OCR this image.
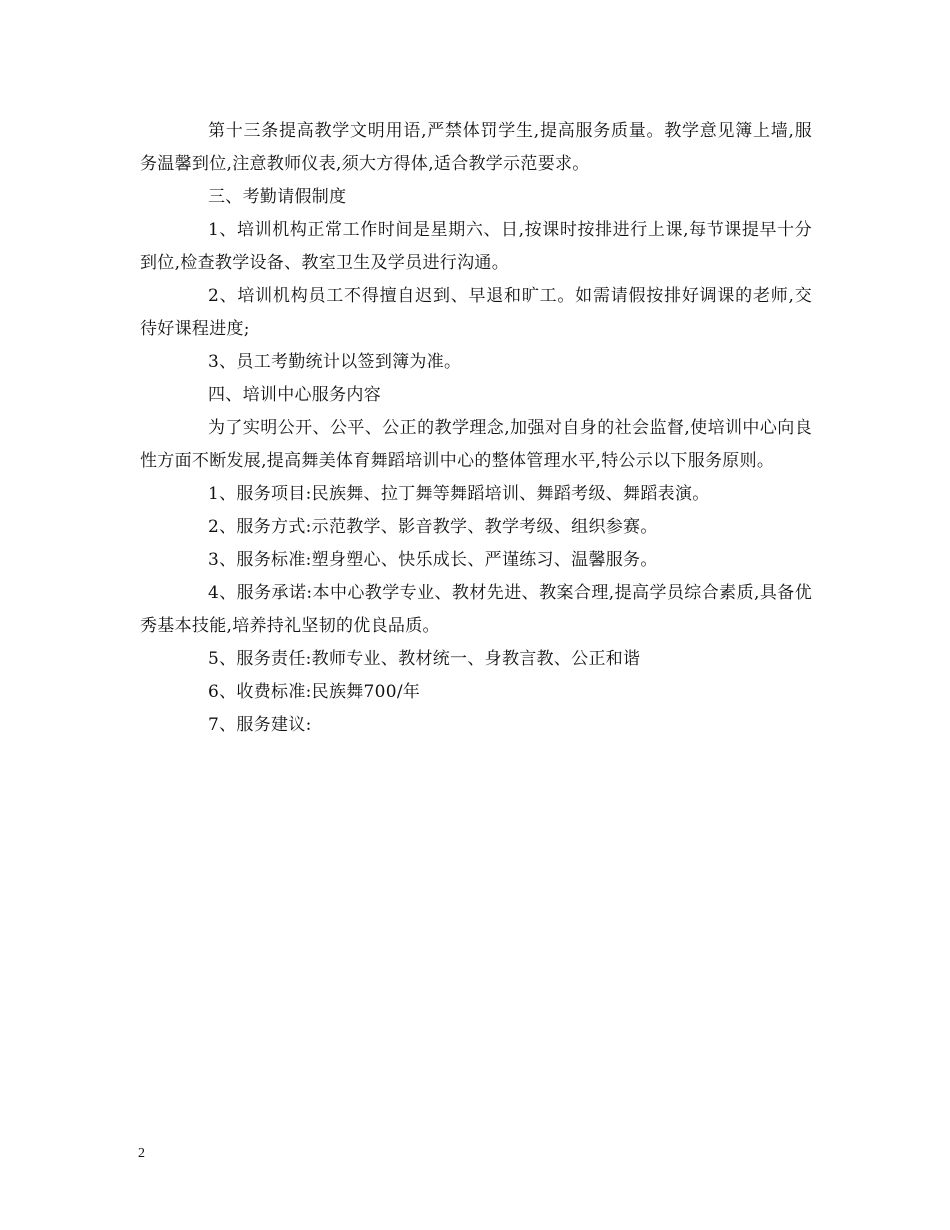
第十三条提高教学文明用语,严禁体罚学生,提高服务质量。教学意见簿上墙,服务温馨到位,注意教师仪表,须大方得体,适合教学示范要求。

三、考勤请假制度

1、培训机构正常工作时间是星期六、日,按课时按排进行上课,每节课提早十分到位,检查教学设备、教室卫生及学员进行沟通。

2、培训机构员工不得擅自迟到、早退和旷工。如需请假按排好调课的老师,交待好课程进度;

3、员工考勤统计以签到簿为准。

四、培训中心服务内容

为了实明公开、公平、公正的教学理念,加强对自身的社会监督,使培训中心向良性方面不断发展,提高舞美体育舞蹈培训中心的整体管理水平,特公示以下服务原则。

1、服务项目:民族舞、拉丁舞等舞蹈培训、舞蹈考级、舞蹈表演。

2、服务方式:示范教学、影音教学、教学考级、组织参赛。

3、服务标准:塑身塑心、快乐成长、严谨练习、温馨服务。

4、服务承诺:本中心教学专业、教材先进、教案合理,提高学员综合素质,具备优秀基本技能,培养持礼坚韧的优良品质。

5、服务责任:教师专业、教材统一、身教言教、公正和谐

6、收费标准:民族舞700/年

7、服务建议:

2
